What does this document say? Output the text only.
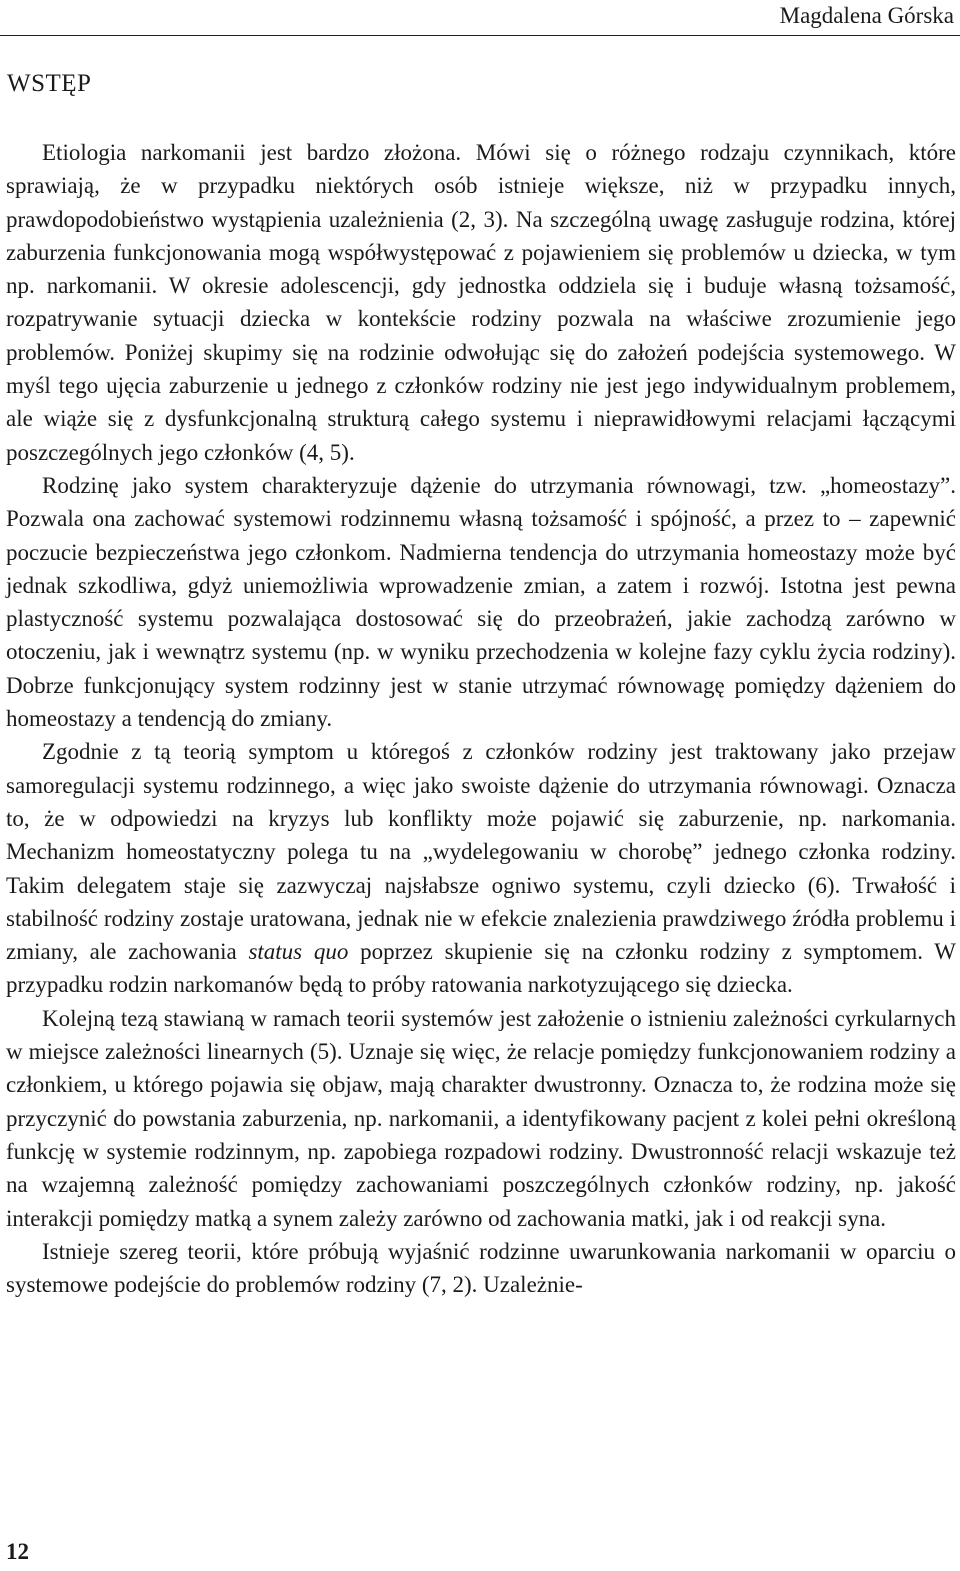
Magdalena Górska
WSTĘP

Etiologia narkomanii jest bardzo złożona. Mówi się o różnego rodzaju czynnikach, które sprawiają, że w przypadku niektórych osób istnieje większe, niż w przypadku innych, prawdopodobieństwo wystąpienia uzależnienia (2, 3). Na szczególną uwagę zasługuje rodzina, której zaburzenia funkcjonowania mogą współwystępować z pojawieniem się problemów u dziecka, w tym np. narkomanii. W okresie adolescencji, gdy jednostka oddziela się i buduje własną tożsamość, rozpatrywanie sytuacji dziecka w kontekście rodziny pozwala na właściwe zrozumienie jego problemów. Poniżej skupimy się na rodzinie odwołując się do założeń podejścia systemowego. W myśl tego ujęcia zaburzenie u jednego z członków rodziny nie jest jego indywidualnym problemem, ale wiąże się z dysfunkcjonalną strukturą całego systemu i nieprawidłowymi relacjami łączącymi poszczególnych jego członków (4, 5).

Rodzinę jako system charakteryzuje dążenie do utrzymania równowagi, tzw. „homeostazy”. Pozwala ona zachować systemowi rodzinnemu własną tożsamość i spójność, a przez to – zapewnić poczucie bezpieczeństwa jego członkom. Nadmierna tendencja do utrzymania homeostazy może być jednak szkodliwa, gdyż uniemożliwia wprowadzenie zmian, a zatem i rozwój. Istotna jest pewna plastyczność systemu pozwalająca dostosować się do przeobrażeń, jakie zachodzą zarówno w otoczeniu, jak i wewnątrz systemu (np. w wyniku przechodzenia w kolejne fazy cyklu życia rodziny). Dobrze funkcjonujący system rodzinny jest w stanie utrzymać równowagę pomiędzy dążeniem do homeostazy a tendencją do zmiany.

Zgodnie z tą teorią symptom u któregoś z członków rodziny jest traktowany jako przejaw samoregulacji systemu rodzinnego, a więc jako swoiste dążenie do utrzymania równowagi. Oznacza to, że w odpowiedzi na kryzys lub konflikty może pojawić się zaburzenie, np. narkomania. Mechanizm homeostatyczny polega tu na „wydelegowaniu w chorobę” jednego członka rodziny. Takim delegatem staje się zazwyczaj najsłabsze ogniwo systemu, czyli dziecko (6). Trwałość i stabilność rodziny zostaje uratowana, jednak nie w efekcie znalezienia prawdziwego źródła problemu i zmiany, ale zachowania status quo poprzez skupienie się na członku rodziny z symptomem. W przypadku rodzin narkomanów będą to próby ratowania narkotyzującego się dziecka.

Kolejną tezą stawianą w ramach teorii systemów jest założenie o istnieniu zależności cyrkularnych w miejsce zależności linearnych (5). Uznaje się więc, że relacje pomiędzy funkcjonowaniem rodziny a członkiem, u którego pojawia się objaw, mają charakter dwustronny. Oznacza to, że rodzina może się przyczynić do powstania zaburzenia, np. narkomanii, a identyfikowany pacjent z kolei pełni określoną funkcję w systemie rodzinnym, np. zapobiega rozpadowi rodziny. Dwustronność relacji wskazuje też na wzajemną zależność pomiędzy zachowaniami poszczególnych członków rodziny, np. jakość interakcji pomiędzy matką a synem zależy zarówno od zachowania matki, jak i od reakcji syna.

Istnieje szereg teorii, które próbują wyjaśnić rodzinne uwarunkowania narkomanii w oparciu o systemowe podejście do problemów rodziny (7, 2). Uzależnie-

12
